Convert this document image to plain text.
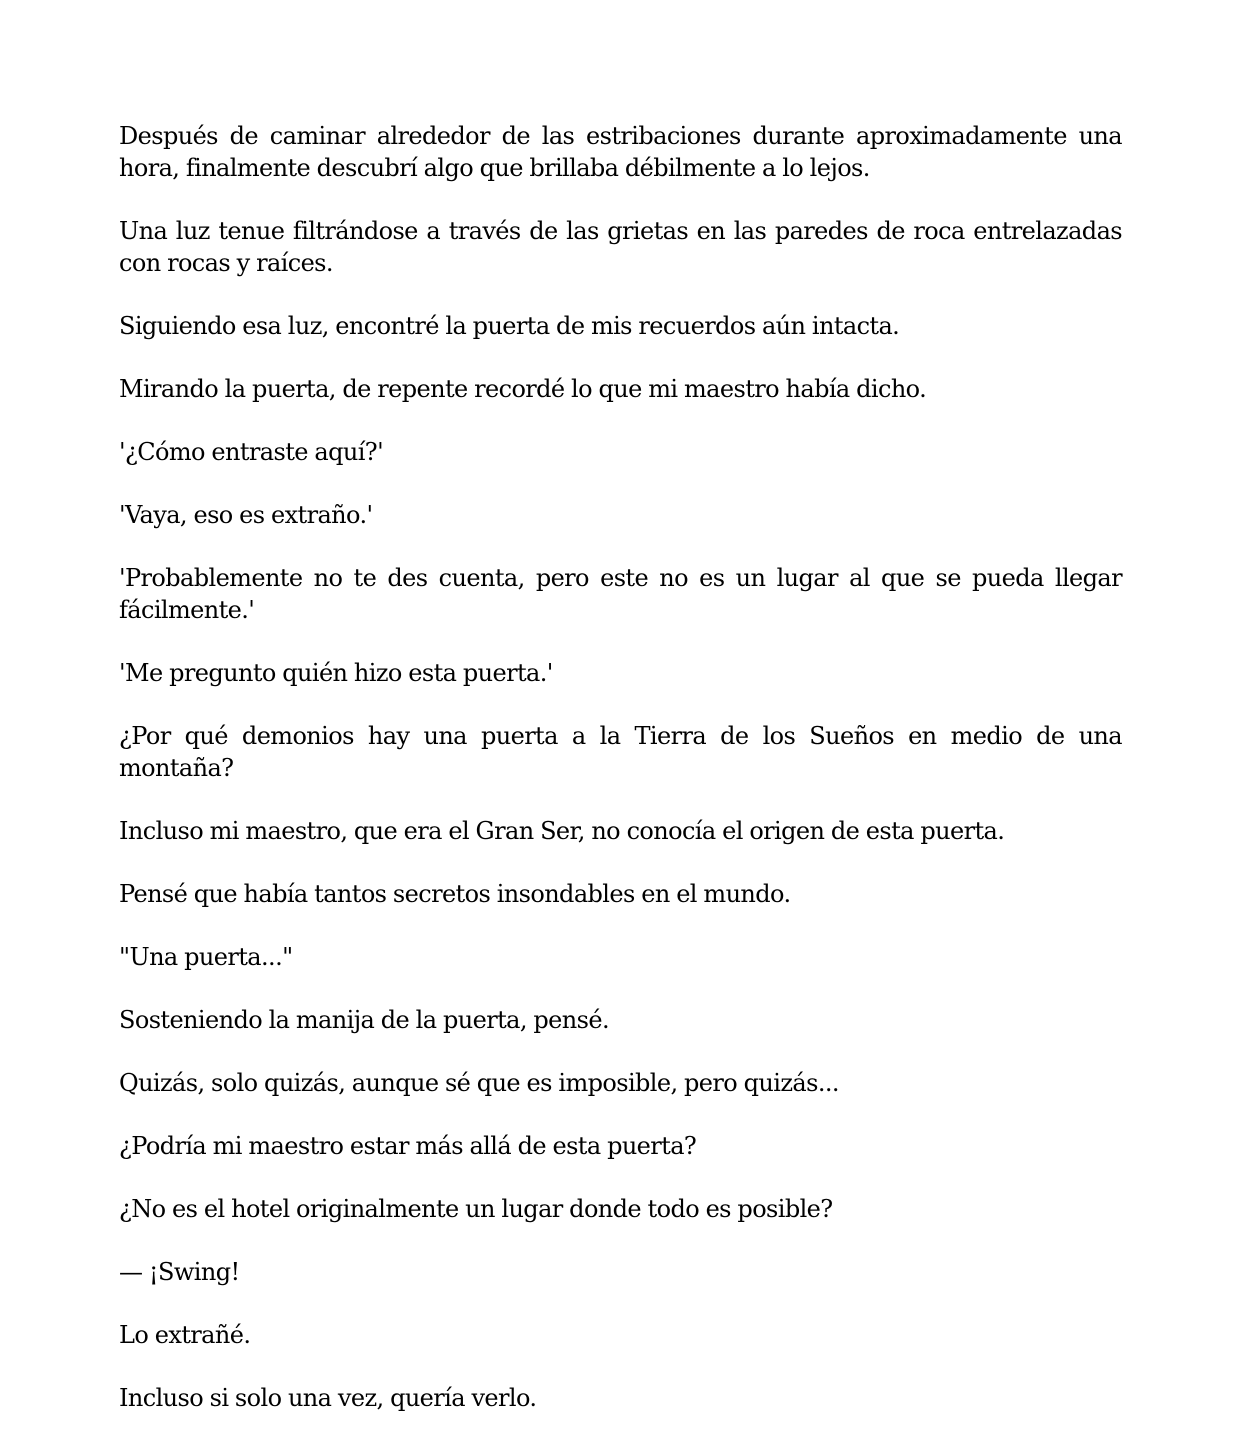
Después de caminar alrededor de las estribaciones durante aproximadamente una hora, finalmente descubrí algo que brillaba débilmente a lo lejos.

Una luz tenue filtrándose a través de las grietas en las paredes de roca entrelazadas con rocas y raíces.

Siguiendo esa luz, encontré la puerta de mis recuerdos aún intacta.

Mirando la puerta, de repente recordé lo que mi maestro había dicho.

'¿Cómo entraste aquí?'

'Vaya, eso es extraño.'

'Probablemente no te des cuenta, pero este no es un lugar al que se pueda llegar fácilmente.'

'Me pregunto quién hizo esta puerta.'

¿Por qué demonios hay una puerta a la Tierra de los Sueños en medio de una montaña?

Incluso mi maestro, que era el Gran Ser, no conocía el origen de esta puerta.

Pensé que había tantos secretos insondables en el mundo.

"Una puerta..."

Sosteniendo la manija de la puerta, pensé.

Quizás, solo quizás, aunque sé que es imposible, pero quizás...

¿Podría mi maestro estar más allá de esta puerta?

¿No es el hotel originalmente un lugar donde todo es posible?

— ¡Swing!

Lo extrañé.

Incluso si solo una vez, quería verlo.
